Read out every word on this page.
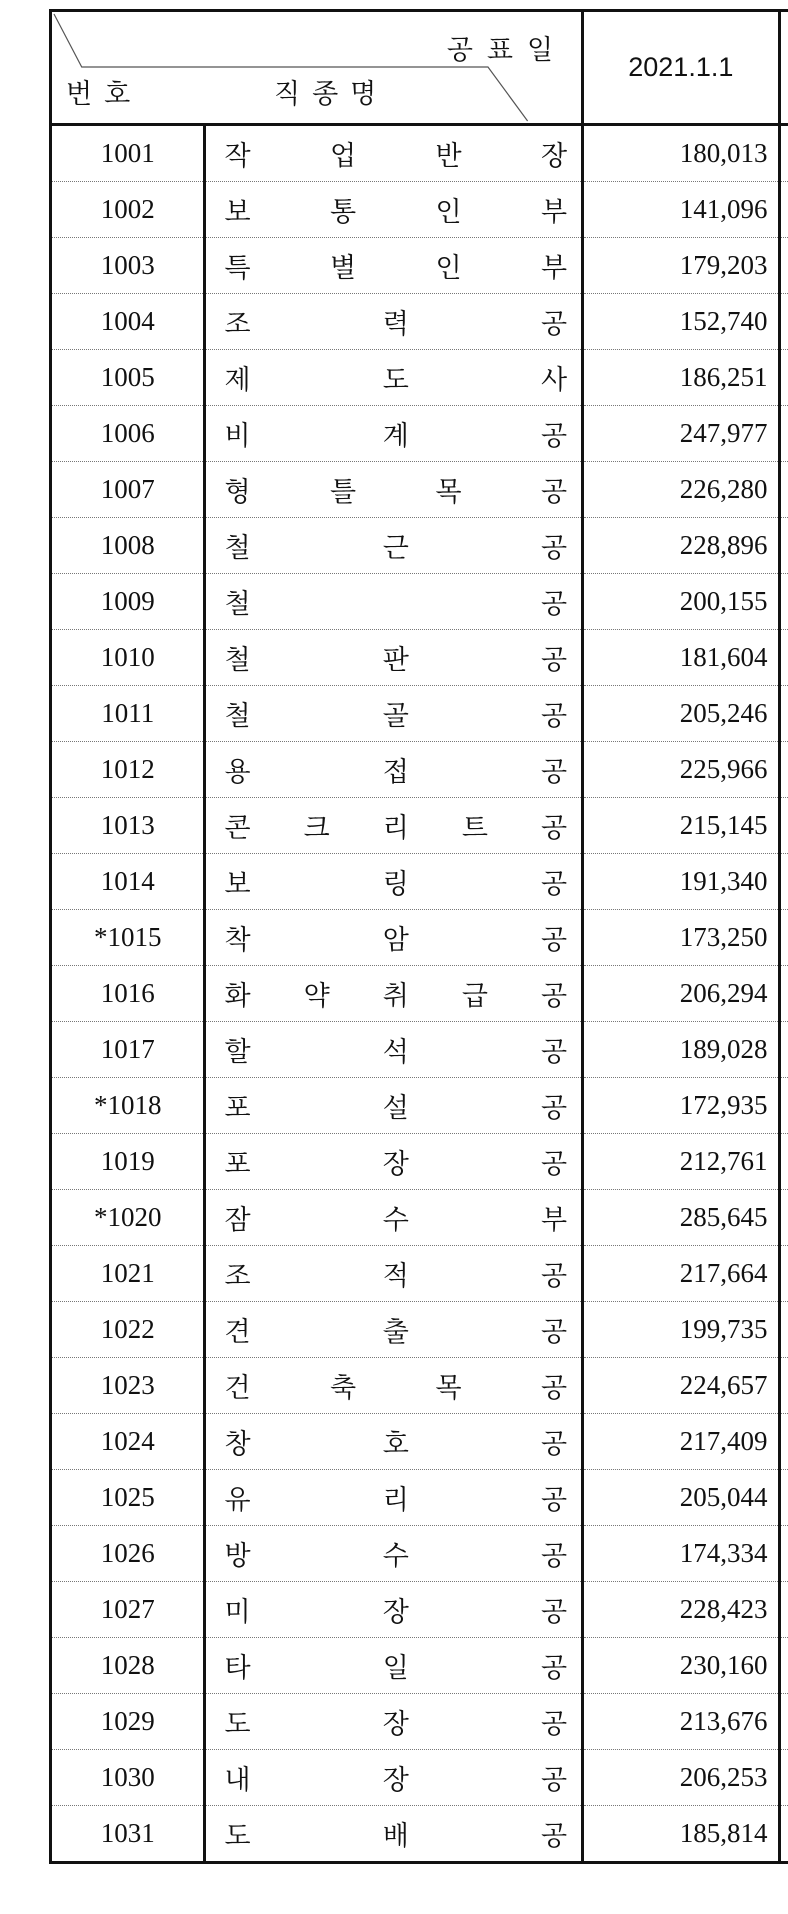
공표일
번호 직종명		2021.1.1	
1001	작 업 반 장	180,013	
1002	보 통 인 부	141,096	
1003	특 별 인 부	179,203	
1004	조 력 공	152,740	
1005	제 도 사	186,251	
1006	비 계 공	247,977	
1007	형 틀 목 공	226,280	
1008	철 근 공	228,896	
1009	철 공	200,155	
1010	철 판 공	181,604	
1011	철 골 공	205,246	
1012	용 접 공	225,966	
1013	콘 크 리 트 공	215,145	
1014	보 링 공	191,340	
*1015	착 암 공	173,250	
1016	화 약 취 급 공	206,294	
1017	할 석 공	189,028	
*1018	포 설 공	172,935	
1019	포 장 공	212,761	
*1020	잠 수 부	285,645	
1021	조 적 공	217,664	
1022	견 출 공	199,735	
1023	건 축 목 공	224,657	
1024	창 호 공	217,409	
1025	유 리 공	205,044	
1026	방 수 공	174,334	
1027	미 장 공	228,423	
1028	타 일 공	230,160	
1029	도 장 공	213,676	
1030	내 장 공	206,253	
1031	도 배 공	185,814	
